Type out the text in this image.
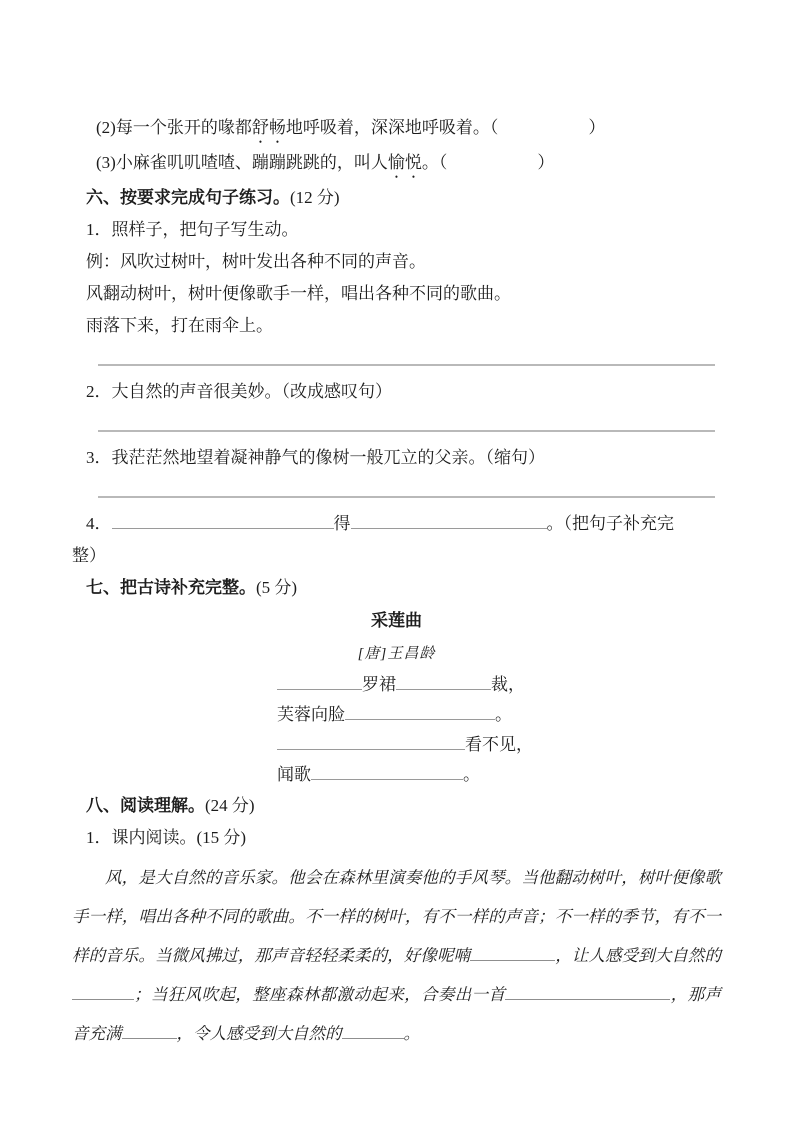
(2)每一个张开的喙都舒畅地呼吸着，深深地呼吸着。（	）
(3)小麻雀叽叽喳喳、蹦蹦跳跳的，叫人愉悦。（	）
六、按要求完成句子练习。(12 分)
1．照样子，把句子写生动。
例：风吹过树叶，树叶发出各种不同的声音。
风翻动树叶，树叶便像歌手一样，唱出各种不同的歌曲。
雨落下来，打在雨伞上。
2．大自然的声音很美妙。（改成感叹句）
3．我茫茫然地望着凝神静气的像树一般兀立的父亲。（缩句）
4．	得	。（把句子补充完
整）
七、把古诗补充完整。(5 分)
采莲曲
[唐]王昌龄
罗裙	裁，
芙蓉向脸	。
看不见，
闻歌	。
八、阅读理解。(24 分)
1．课内阅读。(15 分)
风，是大自然的音乐家。他会在森林里演奏他的手风琴。当他翻动树叶，树叶便像歌手一样，唱出各种不同的歌曲。不一样的树叶，有不一样的声音；不一样的季节，有不一样的音乐。当微风拂过，那声音轻轻柔柔的，好像呢喃	，让人感受到大自然的；当狂风吹起，整座森林都激动起来，合奏出一首	，那声音充满	，令人感受到大自然的	。
